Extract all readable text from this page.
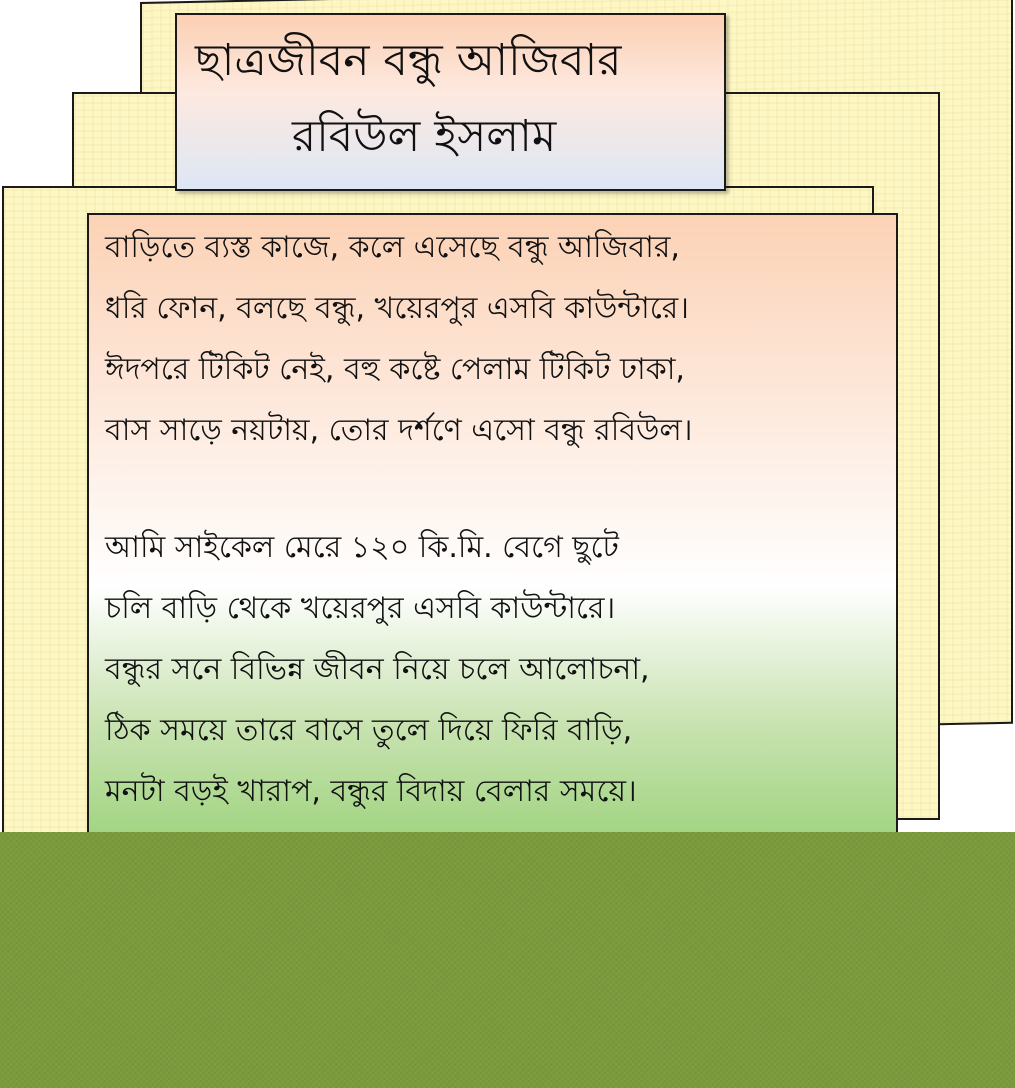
ছাত্রজীবন বন্ধু আজিবার
রবিউল ইসলাম
বাড়িতে ব্যস্ত কাজে, কলে এসেছে বন্ধু আজিবার,
ধরি ফোন, বলছে বন্ধু, খয়েরপুর এসবি কাউন্টারে।
ঈদপরে টিকিট নেই, বহু কষ্টে পেলাম টিকিট ঢাকা,
বাস সাড়ে নয়টায়, তোর দর্শণে এসো বন্ধু রবিউল।
আমি সাইকেল মেরে ১২০ কি.মি. বেগে ছুটে
চলি বাড়ি থেকে খয়েরপুর এসবি কাউন্টারে।
বন্ধুর সনে বিভিন্ন জীবন নিয়ে চলে আলোচনা,
ঠিক সময়ে তারে বাসে তুলে দিয়ে ফিরি বাড়ি,
মনটা বড়ই খারাপ, বন্ধুর বিদায় বেলার সময়ে।
